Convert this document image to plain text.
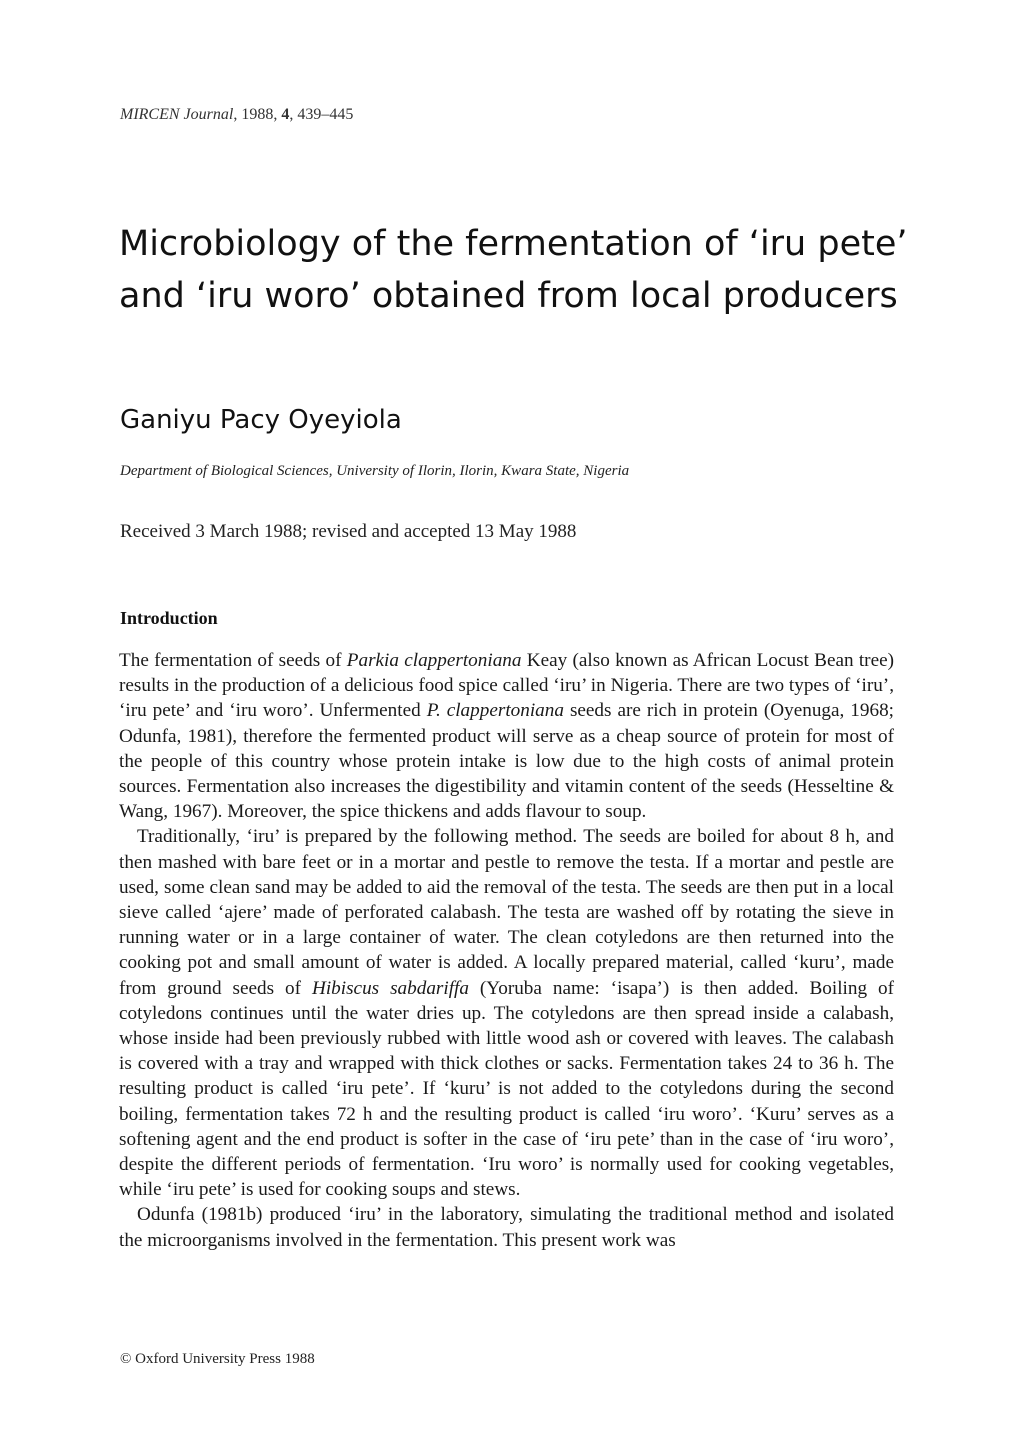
MIRCEN Journal, 1988, 4, 439–445
Microbiology of the fermentation of ‘iru pete’ and ‘iru woro’ obtained from local producers
Ganiyu Pacy Oyeyiola
Department of Biological Sciences, University of Ilorin, Ilorin, Kwara State, Nigeria
Received 3 March 1988; revised and accepted 13 May 1988
Introduction

The fermentation of seeds of Parkia clappertoniana Keay (also known as African Locust Bean tree) results in the production of a delicious food spice called ‘iru’ in Nigeria. There are two types of ‘iru’, ‘iru pete’ and ‘iru woro’. Unfermented P. clappertoniana seeds are rich in protein (Oyenuga, 1968; Odunfa, 1981), therefore the fermented product will serve as a cheap source of protein for most of the people of this country whose protein intake is low due to the high costs of animal protein sources. Fermentation also increases the digestibility and vitamin content of the seeds (Hesseltine & Wang, 1967). Moreover, the spice thickens and adds flavour to soup.

Traditionally, ‘iru’ is prepared by the following method. The seeds are boiled for about 8 h, and then mashed with bare feet or in a mortar and pestle to remove the testa. If a mortar and pestle are used, some clean sand may be added to aid the removal of the testa. The seeds are then put in a local sieve called ‘ajere’ made of perforated calabash. The testa are washed off by rotating the sieve in running water or in a large container of water. The clean cotyledons are then returned into the cooking pot and small amount of water is added. A locally prepared material, called ‘kuru’, made from ground seeds of Hibiscus sabdariffa (Yoruba name: ‘isapa’) is then added. Boiling of cotyledons continues until the water dries up. The cotyledons are then spread inside a calabash, whose inside had been previously rubbed with little wood ash or covered with leaves. The calabash is covered with a tray and wrapped with thick clothes or sacks. Fermentation takes 24 to 36 h. The resulting product is called ‘iru pete’. If ‘kuru’ is not added to the cotyledons during the second boiling, fermentation takes 72 h and the resulting product is called ‘iru woro’. ‘Kuru’ serves as a softening agent and the end product is softer in the case of ‘iru pete’ than in the case of ‘iru woro’, despite the different periods of fermentation. ‘Iru woro’ is normally used for cooking vegetables, while ‘iru pete’ is used for cooking soups and stews.

Odunfa (1981b) produced ‘iru’ in the laboratory, simulating the traditional method and isolated the microorganisms involved in the fermentation. This present work was

© Oxford University Press 1988
